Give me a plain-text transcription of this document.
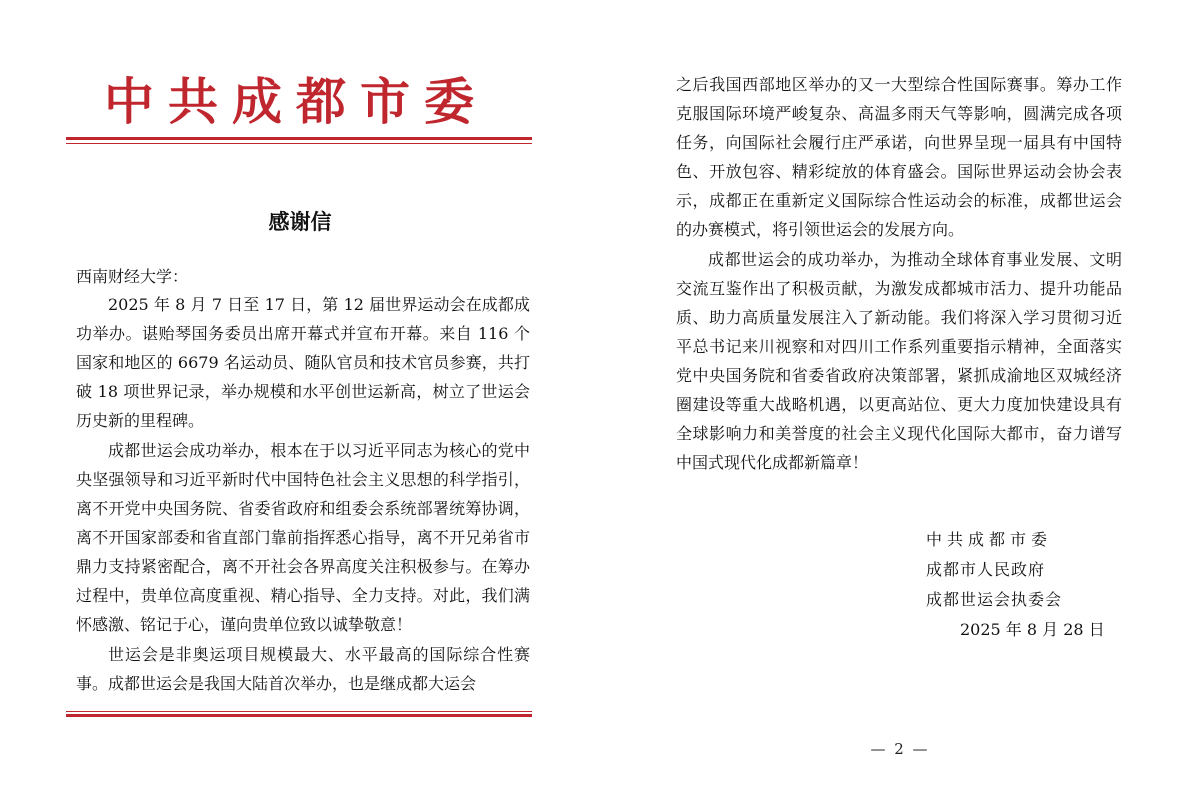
中共成都市委
感谢信

西南财经大学：

2025 年 8 月 7 日至 17 日，第 12 届世界运动会在成都成功举办。谌贻琴国务委员出席开幕式并宣布开幕。来自 116 个国家和地区的 6679 名运动员、随队官员和技术官员参赛，共打破 18 项世界记录，举办规模和水平创世运新高，树立了世运会历史新的里程碑。

成都世运会成功举办，根本在于以习近平同志为核心的党中央坚强领导和习近平新时代中国特色社会主义思想的科学指引，离不开党中央国务院、省委省政府和组委会系统部署统筹协调，离不开国家部委和省直部门靠前指挥悉心指导，离不开兄弟省市鼎力支持紧密配合，离不开社会各界高度关注积极参与。在筹办过程中，贵单位高度重视、精心指导、全力支持。对此，我们满怀感激、铭记于心，谨向贵单位致以诚挚敬意！

世运会是非奥运项目规模最大、水平最高的国际综合性赛事。成都世运会是我国大陆首次举办，也是继成都大运会

之后我国西部地区举办的又一大型综合性国际赛事。筹办工作克服国际环境严峻复杂、高温多雨天气等影响，圆满完成各项任务，向国际社会履行庄严承诺，向世界呈现一届具有中国特色、开放包容、精彩绽放的体育盛会。国际世界运动会协会表示，成都正在重新定义国际综合性运动会的标准，成都世运会的办赛模式，将引领世运会的发展方向。

成都世运会的成功举办，为推动全球体育事业发展、文明交流互鉴作出了积极贡献，为激发成都城市活力、提升功能品质、助力高质量发展注入了新动能。我们将深入学习贯彻习近平总书记来川视察和对四川工作系列重要指示精神，全面落实党中央国务院和省委省政府决策部署，紧抓成渝地区双城经济圈建设等重大战略机遇，以更高站位、更大力度加快建设具有全球影响力和美誉度的社会主义现代化国际大都市，奋力谱写中国式现代化成都新篇章！

中共成都市委
成都市人民政府
成都世运会执委会
2025 年 8 月 28 日
— 2 —
